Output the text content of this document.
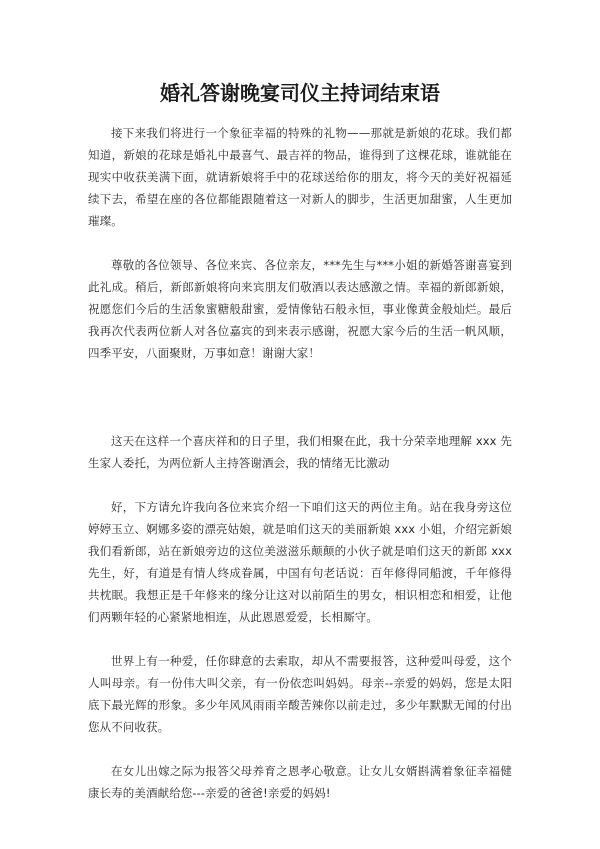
婚礼答谢晚宴司仪主持词结束语

接下来我们将进行一个象征幸福的特殊的礼物——那就是新娘的花球。我们都知道，新娘的花球是婚礼中最喜气、最吉祥的物品，谁得到了这棵花球，谁就能在现实中收获美满下面，就请新娘将手中的花球送给你的朋友，将今天的美好祝福延续下去，希望在座的各位都能跟随着这一对新人的脚步，生活更加甜蜜，人生更加璀璨。

尊敬的各位领导、各位来宾、各位亲友，***先生与***小姐的新婚答谢喜宴到此礼成。稍后，新郎新娘将向来宾朋友们敬酒以表达感激之情。幸福的新郎新娘，祝愿您们今后的生活象蜜糖般甜蜜，爱情像钻石般永恒，事业像黄金般灿烂。最后我再次代表两位新人对各位嘉宾的到来表示感谢，祝愿大家今后的生活一帆风顺，四季平安，八面聚财，万事如意！谢谢大家！

这天在这样一个喜庆祥和的日子里，我们相聚在此，我十分荣幸地理解 xxx 先生家人委托，为两位新人主持答谢酒会，我的情绪无比激动

好，下方请允许我向各位来宾介绍一下咱们这天的两位主角。站在我身旁这位婷婷玉立、婀娜多姿的漂亮姑娘，就是咱们这天的美丽新娘 xxx 小姐，介绍完新娘我们看新郎，站在新娘旁边的这位美滋滋乐颠颠的小伙子就是咱们这天的新郎 xxx 先生，好，有道是有情人终成眷属，中国有句老话说：百年修得同船渡，千年修得共枕眠。我想正是千年修来的缘分让这对以前陌生的男女，相识相恋和相爱，让他们两颗年轻的心紧紧地相连，从此恩恩爱爱，长相厮守。

世界上有一种爱，任你肆意的去索取，却从不需要报答，这种爱叫母爱，这个人叫母亲。有一份伟大叫父亲，有一份依恋叫妈妈。母亲--亲爱的妈妈，您是太阳底下最光辉的形象。多少年风风雨雨辛酸苦辣你以前走过，多少年默默无闻的付出您从不问收获。

在女儿出嫁之际为报答父母养育之恩孝心敬意。让女儿女婿斟满着象征幸福健康长寿的美酒献给您---亲爱的爸爸!亲爱的妈妈!
